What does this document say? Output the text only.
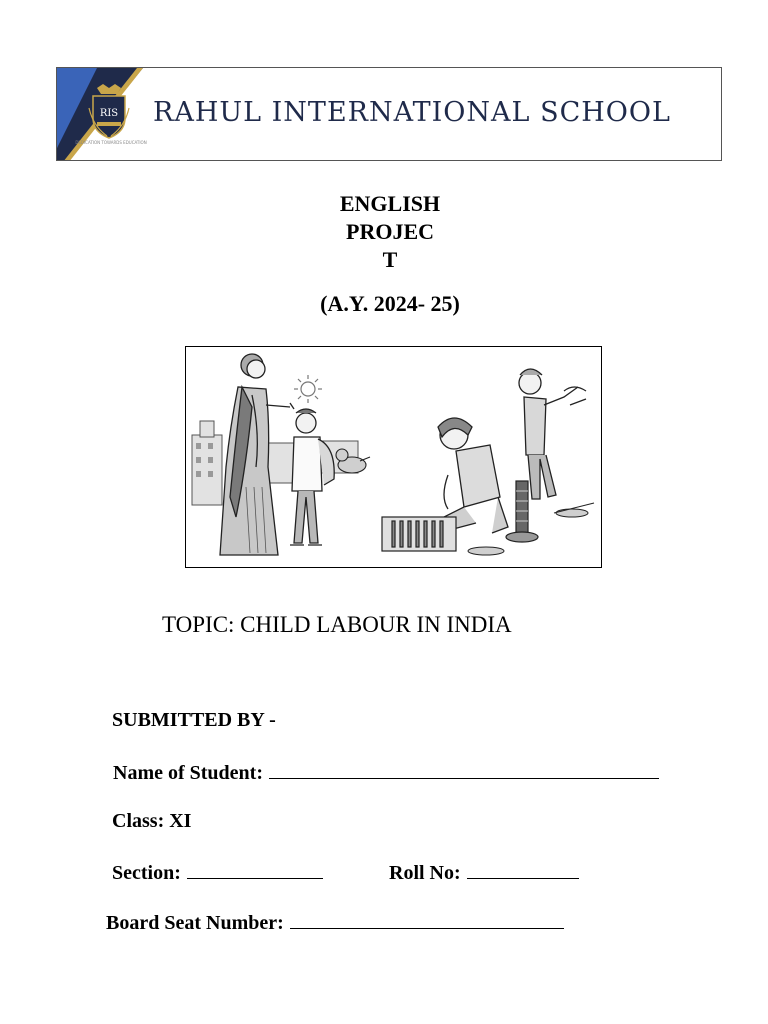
RIS
DEDICATION TOWARDS EDUCATION
RAHUL INTERNATIONAL SCHOOL
ENGLISH
PROJEC
T
(A.Y. 2024- 25)
TOPIC: CHILD LABOUR IN INDIA
SUBMITTED BY -
Name of Student:
Class: XI
Section:	Roll No:
Board Seat Number:
